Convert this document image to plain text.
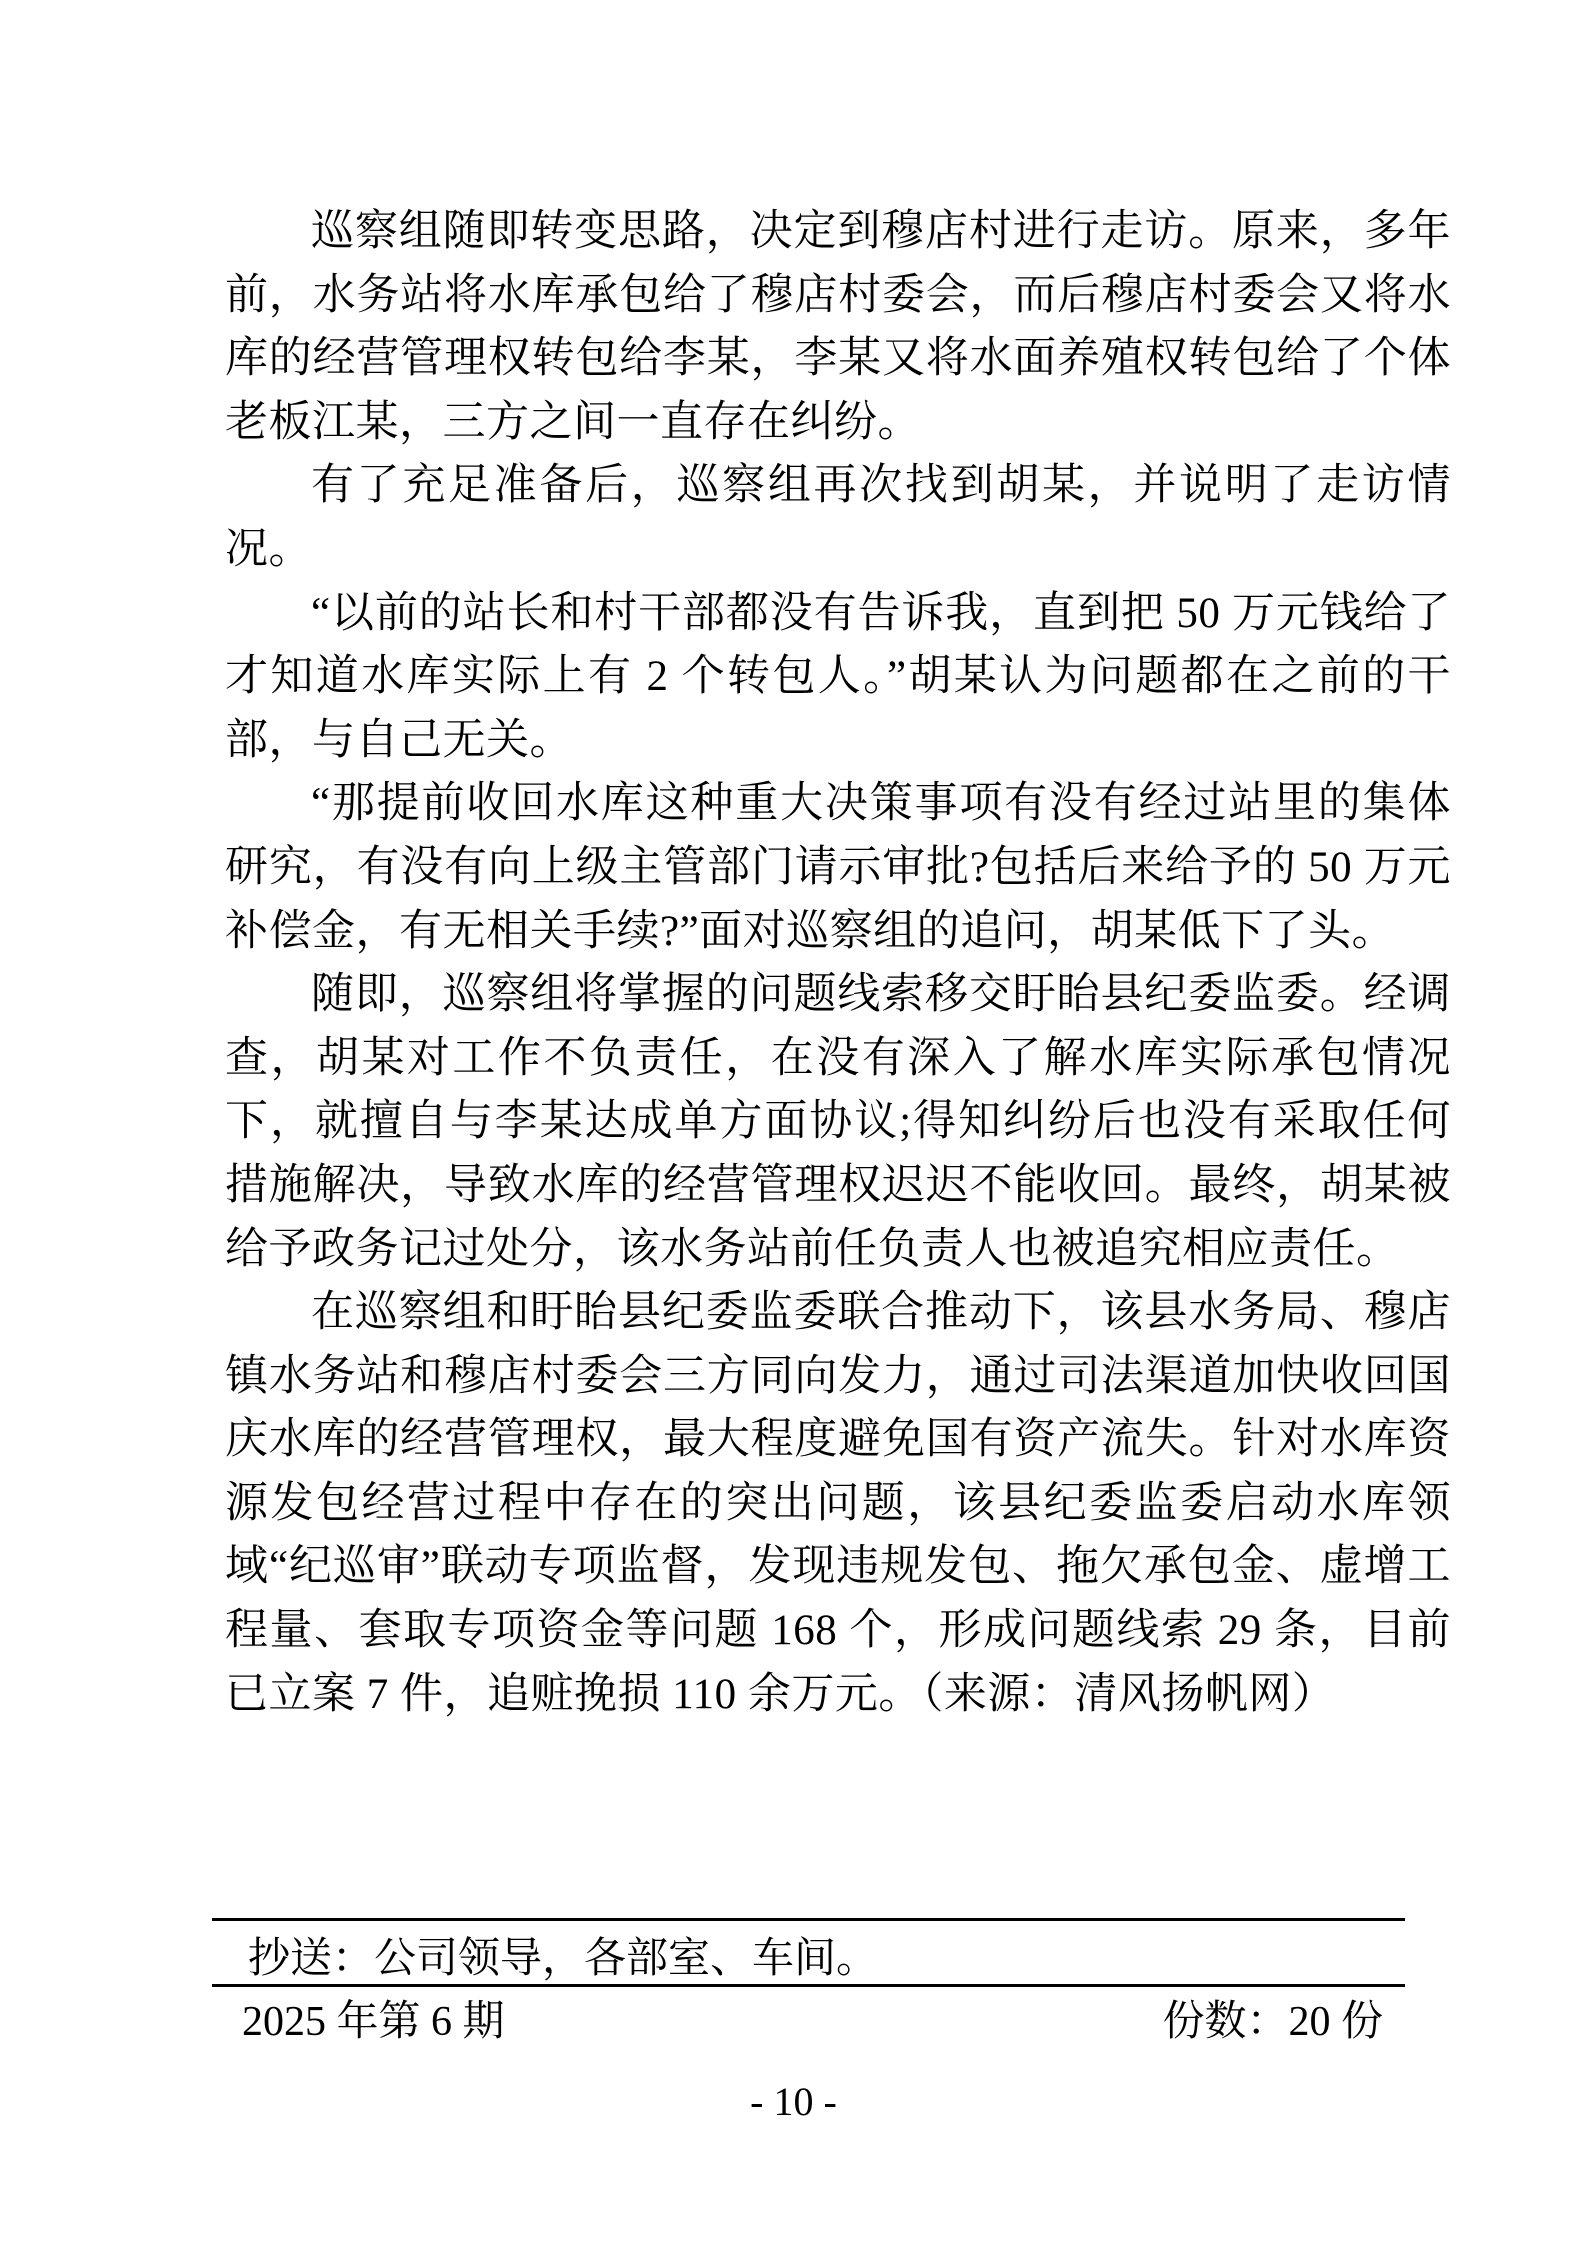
巡察组随即转变思路，决定到穆店村进行走访。原来，多年前，水务站将水库承包给了穆店村委会，而后穆店村委会又将水库的经营管理权转包给李某，李某又将水面养殖权转包给了个体老板江某，三方之间一直存在纠纷。

有了充足准备后，巡察组再次找到胡某，并说明了走访情况。

“以前的站长和村干部都没有告诉我，直到把 50 万元钱给了才知道水库实际上有 2 个转包人。”胡某认为问题都在之前的干部，与自己无关。

“那提前收回水库这种重大决策事项有没有经过站里的集体研究，有没有向上级主管部门请示审批?包括后来给予的 50 万元补偿金，有无相关手续?”面对巡察组的追问，胡某低下了头。

随即，巡察组将掌握的问题线索移交盱眙县纪委监委。经调查，胡某对工作不负责任，在没有深入了解水库实际承包情况下，就擅自与李某达成单方面协议;得知纠纷后也没有采取任何措施解决，导致水库的经营管理权迟迟不能收回。最终，胡某被给予政务记过处分，该水务站前任负责人也被追究相应责任。

在巡察组和盱眙县纪委监委联合推动下，该县水务局、穆店镇水务站和穆店村委会三方同向发力，通过司法渠道加快收回国庆水库的经营管理权，最大程度避免国有资产流失。针对水库资源发包经营过程中存在的突出问题，该县纪委监委启动水库领域“纪巡审”联动专项监督，发现违规发包、拖欠承包金、虚增工程量、套取专项资金等问题 168 个，形成问题线索 29 条，目前已立案 7 件，追赃挽损 110 余万元。（来源：清风扬帆网）

抄送：公司领导，各部室、车间。
2025 年第 6 期	份数：20 份
- 10 -
